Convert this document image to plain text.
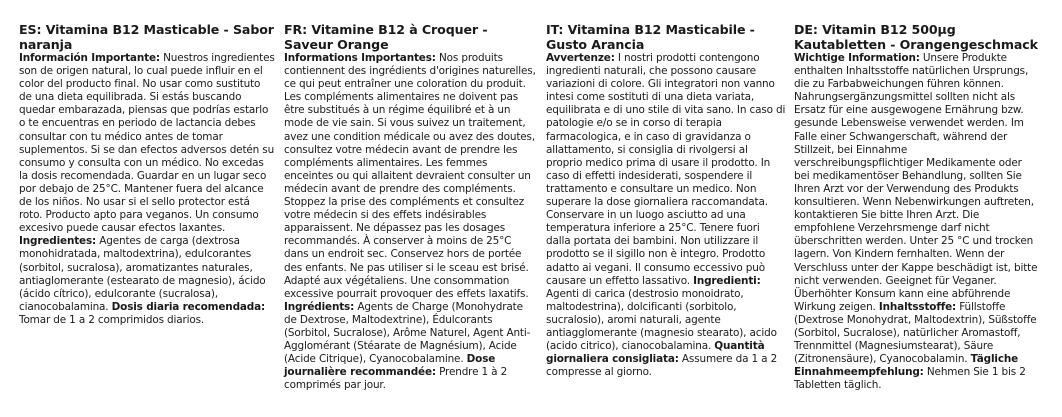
ES: Vitamina B12 Masticable - Sabor naranja

Información Importante: Nuestros ingredientes son de origen natural, lo cual puede influir en el color del producto final. No usar como sustituto de una dieta equilibrada. Si estás buscando quedar embarazada, piensas que podrías estarlo o te encuentras en periodo de lactancia debes consultar con tu médico antes de tomar suplementos. Si se dan efectos adversos detén su consumo y consulta con un médico. No excedas la dosis recomendada. Guardar en un lugar seco por debajo de 25°C. Mantener fuera del alcance de los niños. No usar si el sello protector está roto. Producto apto para veganos. Un consumo excesivo puede causar efectos laxantes. Ingredientes: Agentes de carga (dextrosa monohidratada, maltodextrina), edulcorantes (sorbitol, sucralosa), aromatizantes naturales, antiaglomerante (estearato de magnesio), ácido (ácido cítrico), edulcorante (sucralosa), cianocobalamina. Dosis diaria recomendada: Tomar de 1 a 2 comprimidos diarios.

FR: Vitamine B12 à Croquer - Saveur Orange

Informations Importantes: Nos produits contiennent des ingrédients d'origines naturelles, ce qui peut entraîner une coloration du produit. Les compléments alimentaires ne doivent pas être substitués à un régime équilibré et à un mode de vie sain. Si vous suivez un traitement, avez une condition médicale ou avez des doutes, consultez votre médecin avant de prendre les compléments alimentaires. Les femmes enceintes ou qui allaitent devraient consulter un médecin avant de prendre des compléments. Stoppez la prise des compléments et consultez votre médecin si des effets indésirables apparaissent. Ne dépassez pas les dosages recommandés. À conserver à moins de 25°C dans un endroit sec. Conservez hors de portée des enfants. Ne pas utiliser si le sceau est brisé. Adapté aux végétaliens. Une consommation excessive pourrait provoquer des effets laxatifs. Ingrédients: Agents de Charge (Monohydrate de Dextrose, Maltodextrine), Édulcorants (Sorbitol, Sucralose), Arôme Naturel, Agent Anti-Agglomérant (Stéarate de Magnésium), Acide (Acide Citrique), Cyanocobalamine. Dose journalière recommandée: Prendre 1 à 2 comprimés par jour.

IT: Vitamina B12 Masticabile - Gusto Arancia

Avvertenze: I nostri prodotti contengono ingredienti naturali, che possono causare variazioni di colore. Gli integratori non vanno intesi come sostituti di una dieta variata, equilibrata e di uno stile di vita sano. In caso di patologie e/o se in corso di terapia farmacologica, e in caso di gravidanza o allattamento, si consiglia di rivolgersi al proprio medico prima di usare il prodotto. In caso di effetti indesiderati, sospendere il trattamento e consultare un medico. Non superare la dose giornaliera raccomandata. Conservare in un luogo asciutto ad una temperatura inferiore a 25°C. Tenere fuori dalla portata dei bambini. Non utilizzare il prodotto se il sigillo non è integro. Prodotto adatto ai vegani. Il consumo eccessivo può causare un effetto lassativo. Ingredienti: Agenti di carica (destrosio monoidrato, maltodestrina), dolcificanti (sorbitolo, sucralosio), aromi naturali, agente antiagglomerante (magnesio stearato), acido (acido citrico), cianocobalamina. Quantità giornaliera consigliata: Assumere da 1 a 2 compresse al giorno.

DE: Vitamin B12 500µg Kautabletten - Orangengeschmack

Wichtige Information: Unsere Produkte enthalten Inhaltsstoffe natürlichen Ursprungs, die zu Farbabweichungen führen können. Nahrungsergänzungsmittel sollten nicht als Ersatz für eine ausgewogene Ernährung bzw. gesunde Lebensweise verwendet werden. Im Falle einer Schwangerschaft, während der Stillzeit, bei Einnahme verschreibungspflichtiger Medikamente oder bei medikamentöser Behandlung, sollten Sie Ihren Arzt vor der Verwendung des Produkts konsultieren. Wenn Nebenwirkungen auftreten, kontaktieren Sie bitte Ihren Arzt. Die empfohlene Verzehrsmenge darf nicht überschritten werden. Unter 25 °C und trocken lagern. Von Kindern fernhalten. Wenn der Verschluss unter der Kappe beschädigt ist, bitte nicht verwenden. Geeignet für Veganer. Überhöhter Konsum kann eine abführende Wirkung zeigen. Inhaltsstoffe: Füllstoffe (Dextrose Monohydrat, Maltodextrin), Süßstoffe (Sorbitol, Sucralose), natürlicher Aromastoff, Trennmittel (Magnesiumstearat), Säure (Zitronensäure), Cyanocobalamin. Tägliche Einnahmeempfehlung: Nehmen Sie 1 bis 2 Tabletten täglich.
